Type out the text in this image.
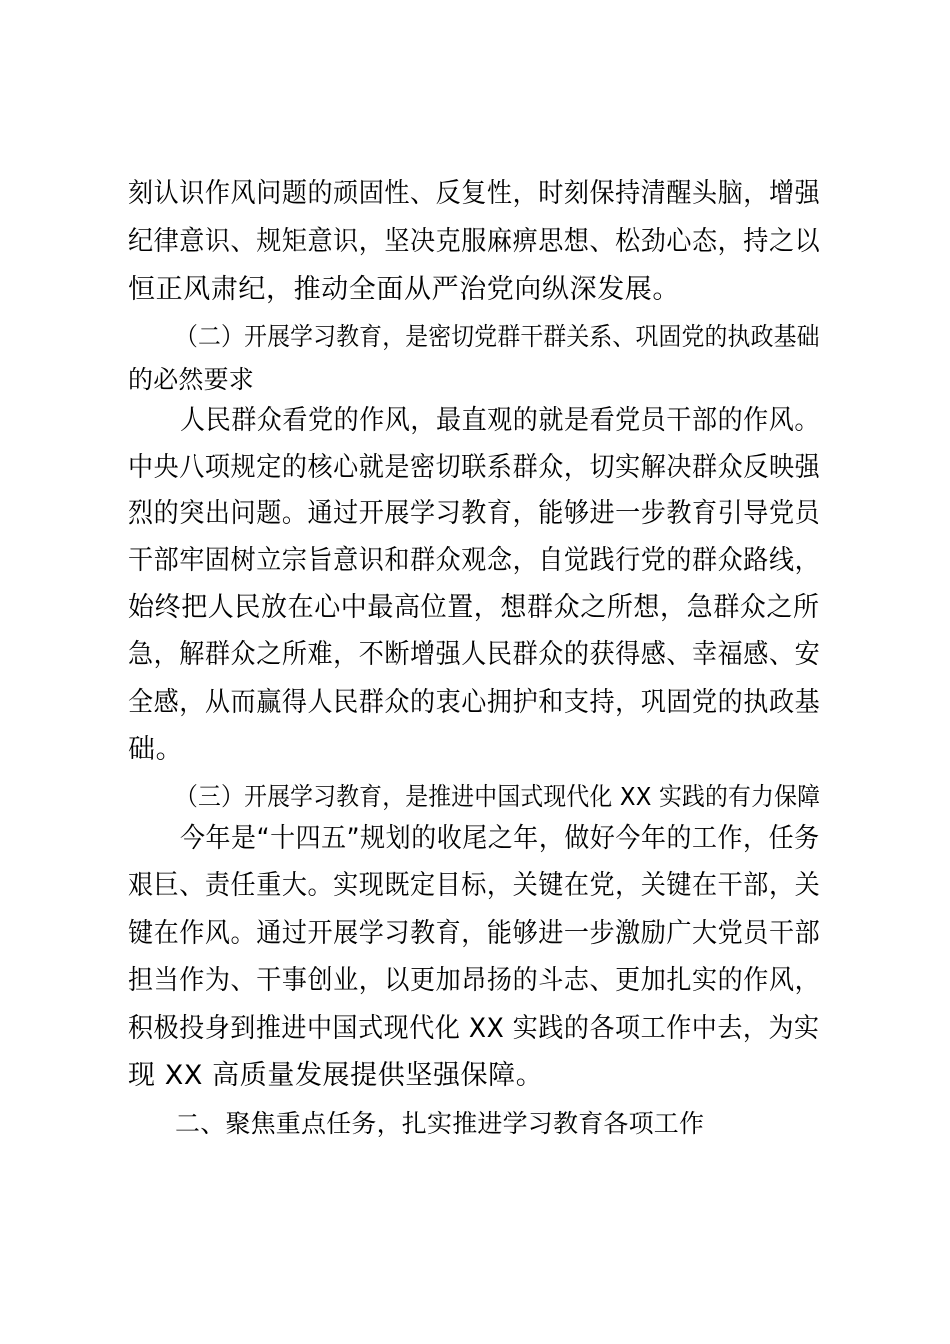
刻认识作风问题的顽固性、反复性，时刻保持清醒头脑，增强
纪律意识、规矩意识，坚决克服麻痹思想、松劲心态，持之以
恒正风肃纪，推动全面从严治党向纵深发展。
（二）开展学习教育，是密切党群干群关系、巩固党的执政基础
的必然要求
人民群众看党的作风，最直观的就是看党员干部的作风。
中央八项规定的核心就是密切联系群众，切实解决群众反映强
烈的突出问题。通过开展学习教育，能够进一步教育引导党员
干部牢固树立宗旨意识和群众观念，自觉践行党的群众路线，
始终把人民放在心中最高位置，想群众之所想，急群众之所
急，解群众之所难，不断增强人民群众的获得感、幸福感、安
全感，从而赢得人民群众的衷心拥护和支持，巩固党的执政基
础。
（三）开展学习教育，是推进中国式现代化 XX 实践的有力保障
今年是“十四五”规划的收尾之年，做好今年的工作，任务
艰巨、责任重大。实现既定目标，关键在党，关键在干部，关
键在作风。通过开展学习教育，能够进一步激励广大党员干部
担当作为、干事创业，以更加昂扬的斗志、更加扎实的作风，
积极投身到推进中国式现代化 XX 实践的各项工作中去，为实
现 XX 高质量发展提供坚强保障。
二、聚焦重点任务，扎实推进学习教育各项工作
